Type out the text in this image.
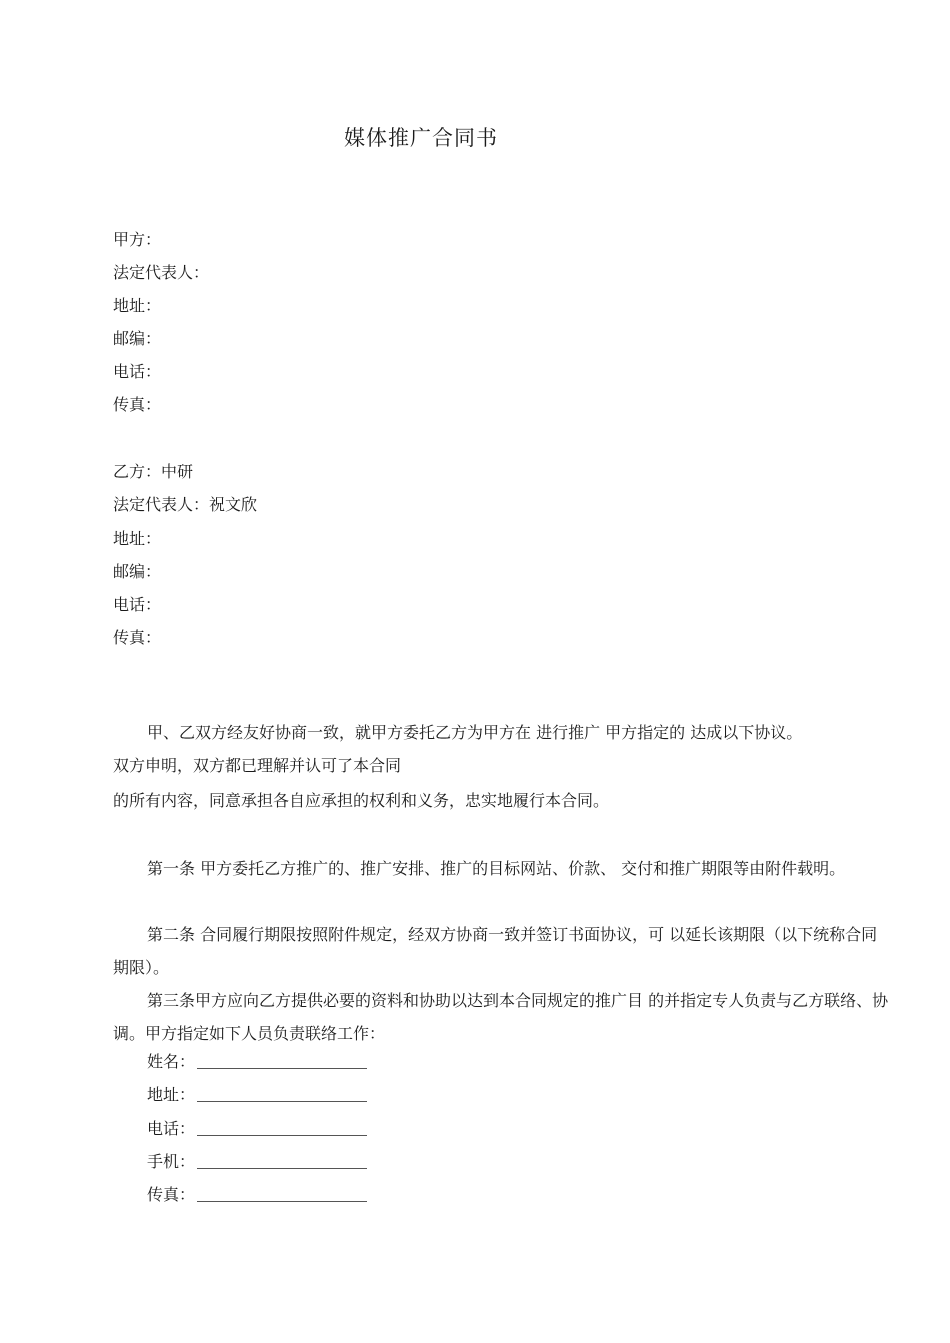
媒体推广合同书
甲方：
法定代表人：
地址：
邮编：
电话：
传真：
乙方：中研
法定代表人：祝文欣
地址：
邮编：
电话：
传真：
甲、乙双方经友好协商一致，就甲方委托乙方为甲方在 进行推广 甲方指定的 达成以下协议。
双方申明，双方都已理解并认可了本合同
的所有内容，同意承担各自应承担的权利和义务，忠实地履行本合同。
第一条 甲方委托乙方推广的、推广安排、推广的目标网站、价款、 交付和推广期限等由附件载明。
第二条 合同履行期限按照附件规定，经双方协商一致并签订书面协议，可 以延长该期限（以下统称合同期限）。
第三条甲方应向乙方提供必要的资料和协助以达到本合同规定的推广目 的并指定专人负责与乙方联络、协调。甲方指定如下人员负责联络工作：
姓名：
地址：
电话：
手机：
传真：
